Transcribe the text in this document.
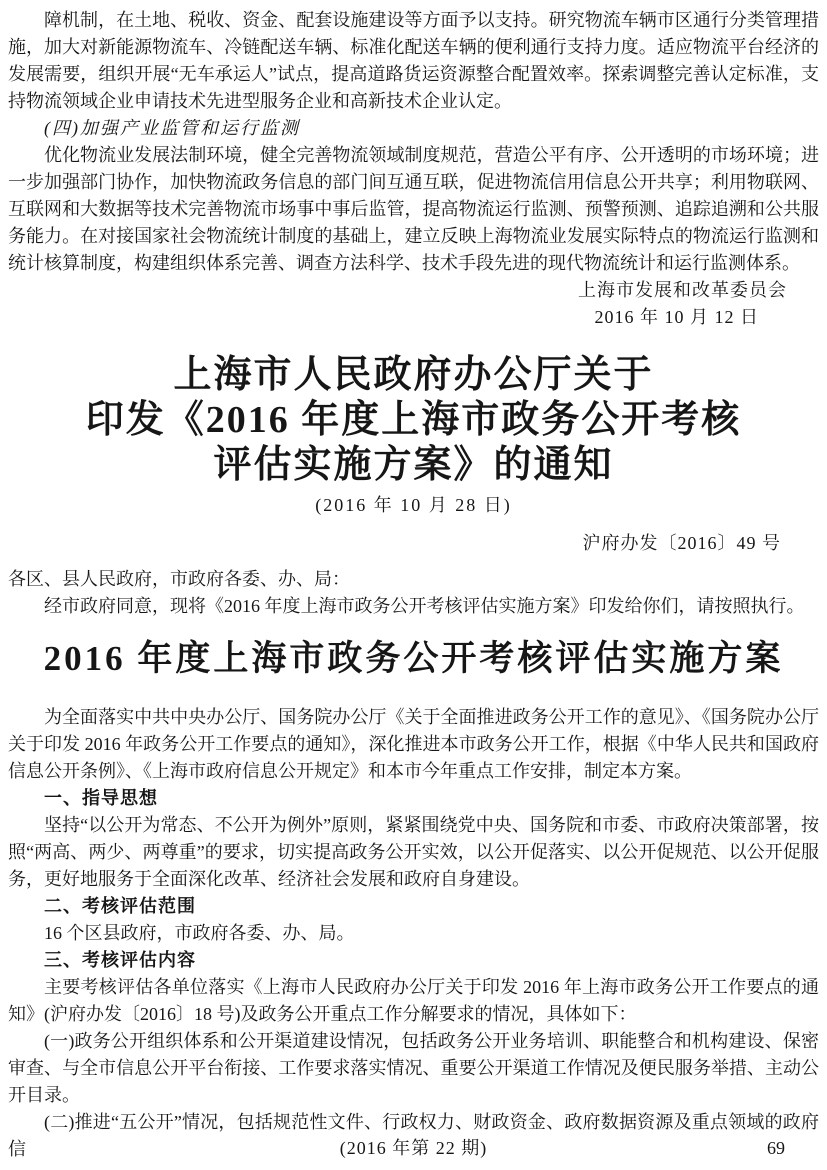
障机制，在土地、税收、资金、配套设施建设等方面予以支持。研究物流车辆市区通行分类管理措施，加大对新能源物流车、冷链配送车辆、标准化配送车辆的便利通行支持力度。适应物流平台经济的发展需要，组织开展“无车承运人”试点，提高道路货运资源整合配置效率。探索调整完善认定标准，支持物流领域企业申请技术先进型服务企业和高新技术企业认定。

(四)加强产业监管和运行监测

优化物流业发展法制环境，健全完善物流领域制度规范，营造公平有序、公开透明的市场环境；进一步加强部门协作，加快物流政务信息的部门间互通互联，促进物流信用信息公开共享；利用物联网、互联网和大数据等技术完善物流市场事中事后监管，提高物流运行监测、预警预测、追踪追溯和公共服务能力。在对接国家社会物流统计制度的基础上，建立反映上海物流业发展实际特点的物流运行监测和统计核算制度，构建组织体系完善、调查方法科学、技术手段先进的现代物流统计和运行监测体系。

上海市发展和改革委员会

2016 年 10 月 12 日

上海市人民政府办公厅关于
印发《2016 年度上海市政务公开考核
评估实施方案》的通知

(2016 年 10 月 28 日)

沪府办发〔2016〕49 号

各区、县人民政府，市政府各委、办、局：

经市政府同意，现将《2016 年度上海市政务公开考核评估实施方案》印发给你们，请按照执行。

2016 年度上海市政务公开考核评估实施方案

为全面落实中共中央办公厅、国务院办公厅《关于全面推进政务公开工作的意见》、《国务院办公厅关于印发 2016 年政务公开工作要点的通知》，深化推进本市政务公开工作，根据《中华人民共和国政府信息公开条例》、《上海市政府信息公开规定》和本市今年重点工作安排，制定本方案。

一、指导思想

坚持“以公开为常态、不公开为例外”原则，紧紧围绕党中央、国务院和市委、市政府决策部署，按照“两高、两少、两尊重”的要求，切实提高政务公开实效，以公开促落实、以公开促规范、以公开促服务，更好地服务于全面深化改革、经济社会发展和政府自身建设。

二、考核评估范围

16 个区县政府，市政府各委、办、局。

三、考核评估内容

主要考核评估各单位落实《上海市人民政府办公厅关于印发 2016 年上海市政务公开工作要点的通知》(沪府办发〔2016〕18 号)及政务公开重点工作分解要求的情况，具体如下：

(一)政务公开组织体系和公开渠道建设情况，包括政务公开业务培训、职能整合和机构建设、保密审查、与全市信息公开平台衔接、工作要求落实情况、重要公开渠道工作情况及便民服务举措、主动公开目录。

(二)推进“五公开”情况，包括规范性文件、行政权力、财政资金、政府数据资源及重点领域的政府信	(2016 年第 22 期)	69
